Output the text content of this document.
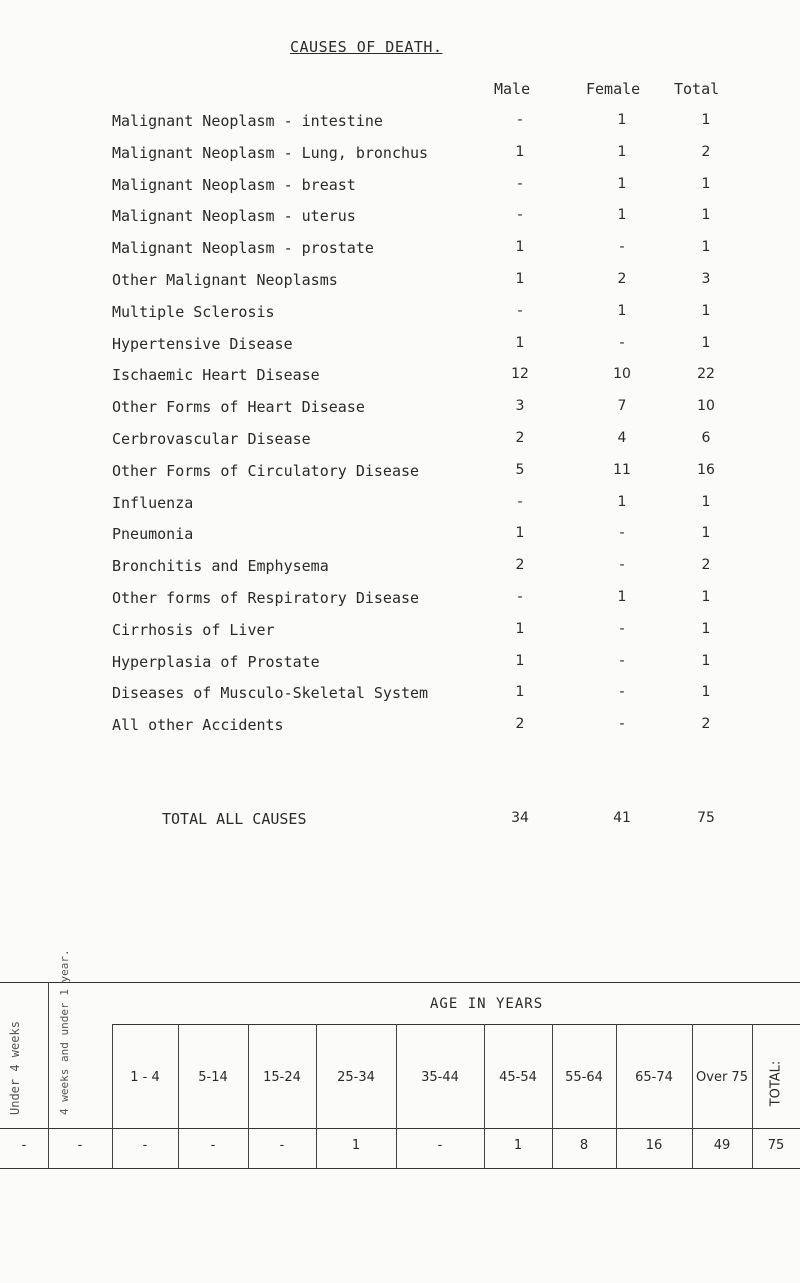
CAUSES OF DEATH.
Male	Female Total
Malignant Neoplasm - intestine	-	1	1
Malignant Neoplasm - Lung, bronchus	1	1	2
Malignant Neoplasm - breast	-	1	1
Malignant Neoplasm - uterus	-	1	1
Malignant Neoplasm - prostate	1	-	1
Other Malignant Neoplasms	1	2	3
Multiple Sclerosis	-	1	1
Hypertensive Disease	1	-	1
Ischaemic Heart Disease	12	10	22
Other Forms of Heart Disease	3	7	10
Cerbrovascular Disease	2	4	6
Other Forms of Circulatory Disease	5	11	16
Influenza	-	1	1
Pneumonia	1	-	1
Bronchitis and Emphysema	2	-	2
Other forms of Respiratory Disease	-	1	1
Cirrhosis of Liver	1	-	1
Hyperplasia of Prostate	1	-	1
Diseases of Musculo-Skeletal System	1	-	1
All other Accidents	2	-	2
TOTAL ALL CAUSES	34	41	75
AGE IN YEARS
Under 4 weeks	4 weeks and under 1 year.	1 - 4	5-14	15-24	25-34	35-44	45-54	55-64	65-74	Over 75	TOTAL:
-	-	-	-	-	1	-	1	8	16	49	75
